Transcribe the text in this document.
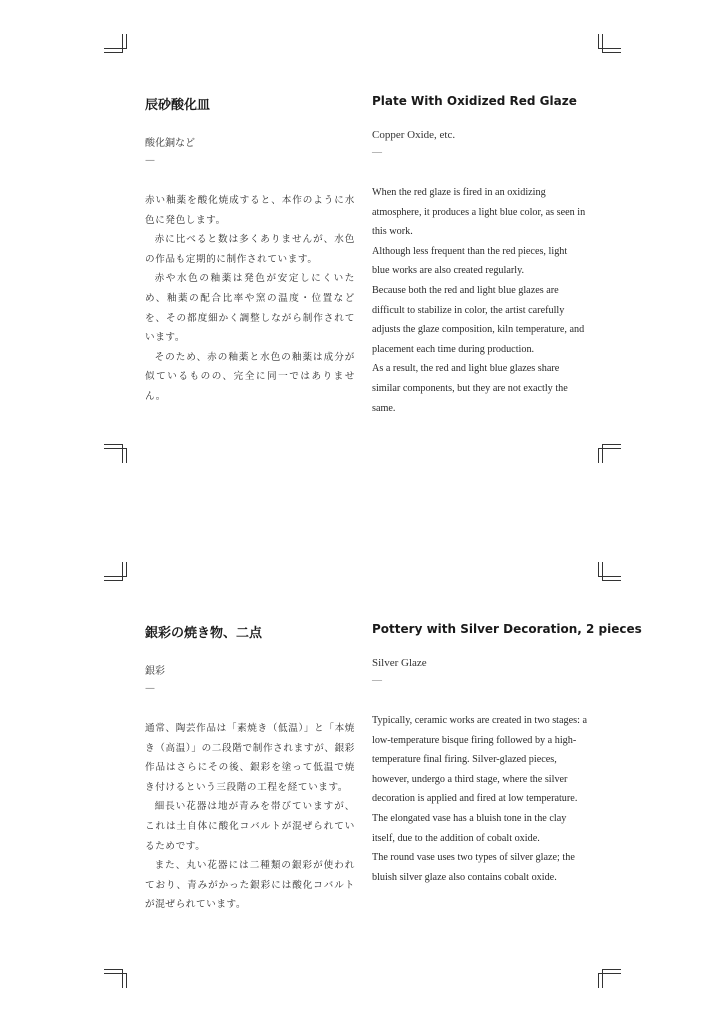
辰砂酸化皿
酸化銅など
—

赤い釉薬を酸化焼成すると、本作のように水色に発色します。

赤に比べると数は多くありませんが、水色の作品も定期的に制作されています。

赤や水色の釉薬は発色が安定しにくいため、釉薬の配合比率や窯の温度・位置などを、その都度細かく調整しながら制作されています。

そのため、赤の釉薬と水色の釉薬は成分が似ているものの、完全に同一ではありません。

Plate With Oxidized Red Glaze
Copper Oxide, etc.
—

When the red glaze is fired in an oxidizing atmosphere, it produces a light blue color, as seen in this work.

Although less frequent than the red pieces, light blue works are also created regularly.

Because both the red and light blue glazes are difficult to stabilize in color, the artist carefully adjusts the glaze composition, kiln temperature, and placement each time during production.

As a result, the red and light blue glazes share similar components, but they are not exactly the same.

銀彩の焼き物、二点
銀彩
—

通常、陶芸作品は「素焼き（低温）」と「本焼き（高温）」の二段階で制作されますが、銀彩作品はさらにその後、銀彩を塗って低温で焼き付けるという三段階の工程を経ています。

細長い花器は地が青みを帯びていますが、これは土自体に酸化コバルトが混ぜられているためです。

また、丸い花器には二種類の銀彩が使われており、青みがかった銀彩には酸化コバルトが混ぜられています。

Pottery with Silver Decoration, 2 pieces
Silver Glaze
—

Typically, ceramic works are created in two stages: a low-temperature bisque firing followed by a high-temperature final firing. Silver-glazed pieces, however, undergo a third stage, where the silver decoration is applied and fired at low temperature.

The elongated vase has a bluish tone in the clay itself, due to the addition of cobalt oxide.

The round vase uses two types of silver glaze; the bluish silver glaze also contains cobalt oxide.
